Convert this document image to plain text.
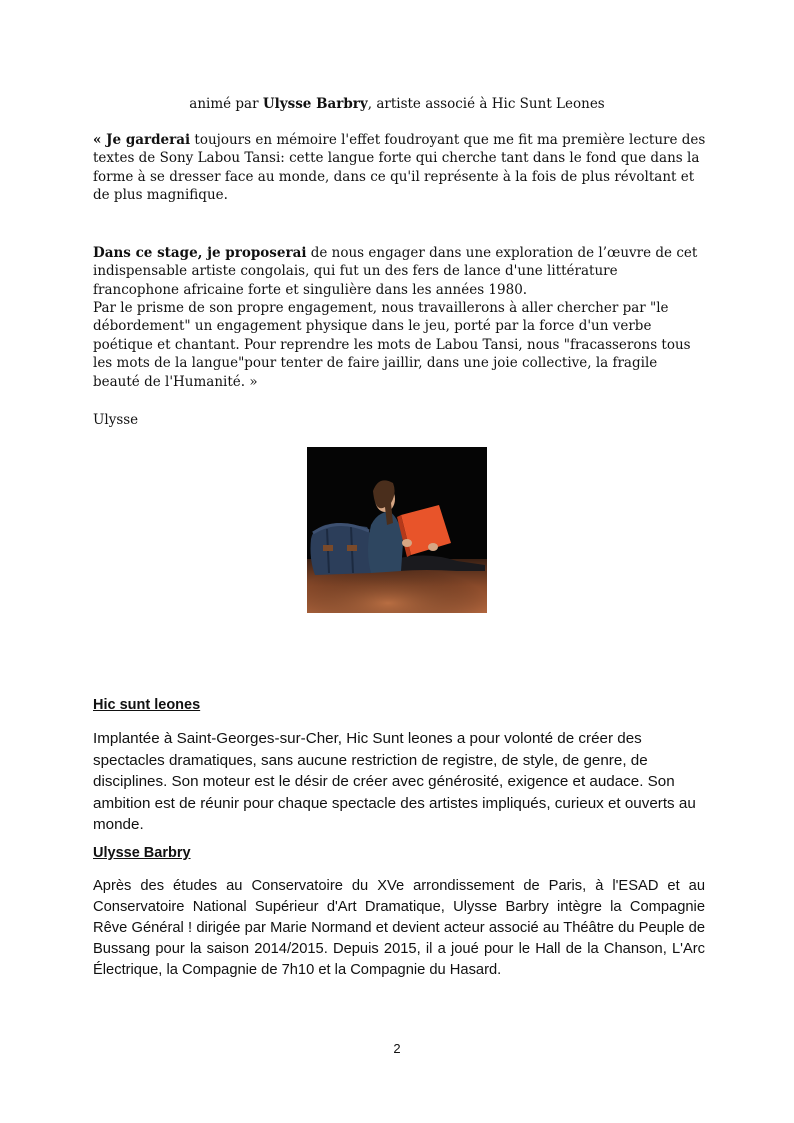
animé par Ulysse Barbry, artiste associé à Hic Sunt Leones

« Je garderai toujours en mémoire l'effet foudroyant que me fit ma première lecture des textes de Sony Labou Tansi: cette langue forte qui cherche tant dans le fond que dans la forme à se dresser face au monde, dans ce qu'il représente à la fois de plus révoltant et de plus magnifique.

Dans ce stage, je proposerai de nous engager dans une exploration de l’œuvre de cet indispensable artiste congolais, qui fut un des fers de lance d'une littérature francophone africaine forte et singulière dans les années 1980.

Par le prisme de son propre engagement, nous travaillerons à aller chercher par "le débordement" un engagement physique dans le jeu, porté par la force d'un verbe poétique et chantant. Pour reprendre les mots de Labou Tansi, nous "fracasserons tous les mots de la langue"pour tenter de faire jaillir, dans une joie collective, la fragile beauté de l'Humanité. »

Ulysse
Hic sunt leones

Implantée à Saint-Georges-sur-Cher, Hic Sunt leones a pour volonté de créer des spectacles dramatiques, sans aucune restriction de registre, de style, de genre, de disciplines. Son moteur est le désir de créer avec générosité, exigence et audace. Son ambition est de réunir pour chaque spectacle des artistes impliqués, curieux et ouverts au monde.

Ulysse Barbry

Après des études au Conservatoire du XVe arrondissement de Paris, à l'ESAD et au Conservatoire National Supérieur d'Art Dramatique, Ulysse Barbry intègre la Compagnie Rêve Général ! dirigée par Marie Normand et devient acteur associé au Théâtre du Peuple de Bussang pour la saison 2014/2015. Depuis 2015, il a joué pour le Hall de la Chanson, L'Arc Électrique, la Compagnie de 7h10 et la Compagnie du Hasard.

2
